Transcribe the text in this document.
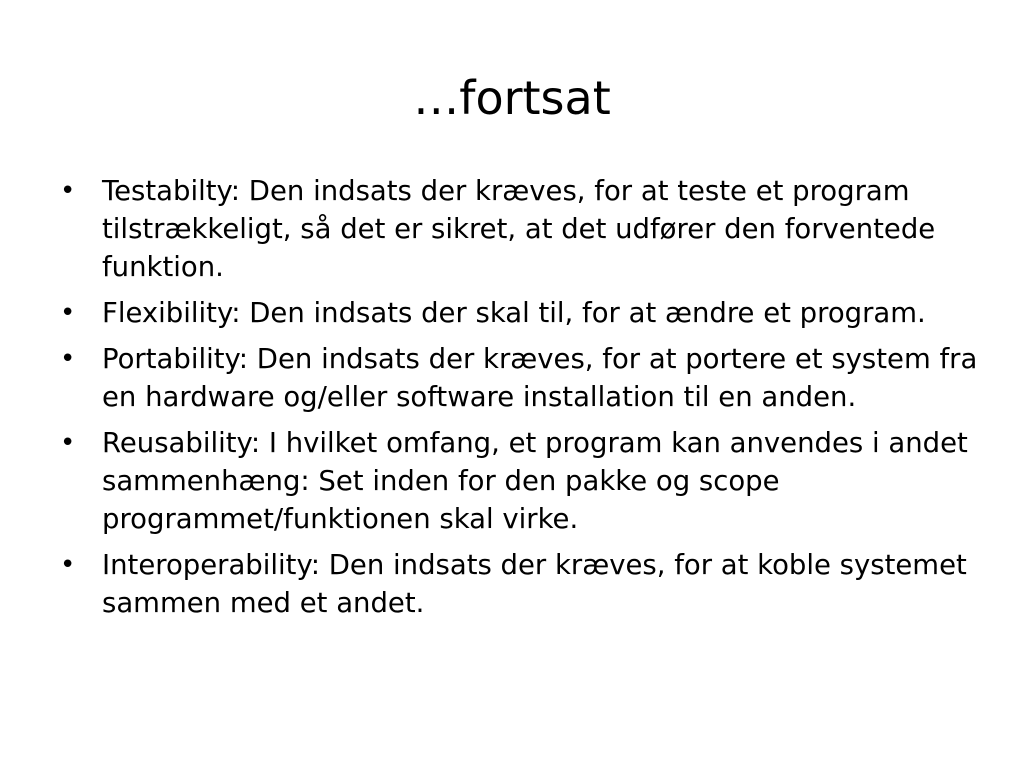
…fortsat
• Testabilty: Den indsats der kræves, for at teste et program tilstrækkeligt, så det er sikret, at det udfører den forventede funktion.
• Flexibility: Den indsats der skal til, for at ændre et program.
• Portability: Den indsats der kræves, for at portere et system fra en hardware og/eller software installation til en anden.
• Reusability: I hvilket omfang, et program kan anvendes i andet sammenhæng: Set inden for den pakke og scope programmet/funktionen skal virke.
• Interoperability: Den indsats der kræves, for at koble systemet sammen med et andet.
